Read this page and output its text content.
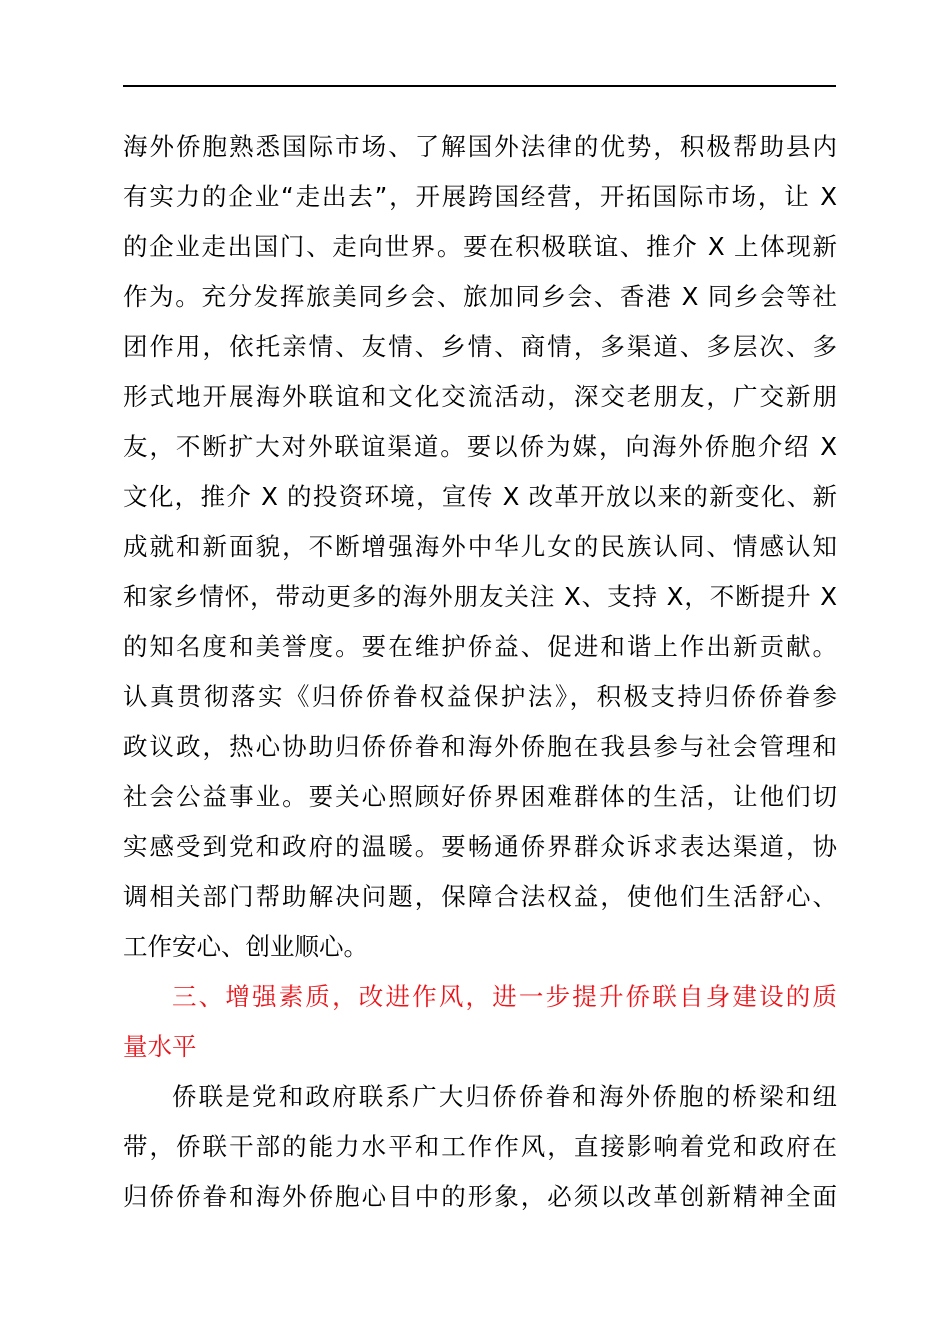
海外侨胞熟悉国际市场、了解国外法律的优势，积极帮助县内
有实力的企业“走出去”，开展跨国经营，开拓国际市场，让 X
的企业走出国门、走向世界。要在积极联谊、推介 X 上体现新
作为。充分发挥旅美同乡会、旅加同乡会、香港 X 同乡会等社
团作用，依托亲情、友情、乡情、商情，多渠道、多层次、多
形式地开展海外联谊和文化交流活动，深交老朋友，广交新朋
友，不断扩大对外联谊渠道。要以侨为媒，向海外侨胞介绍 X
文化，推介 X 的投资环境，宣传 X 改革开放以来的新变化、新
成就和新面貌，不断增强海外中华儿女的民族认同、情感认知
和家乡情怀，带动更多的海外朋友关注 X、支持 X，不断提升 X
的知名度和美誉度。要在维护侨益、促进和谐上作出新贡献。
认真贯彻落实《归侨侨眷权益保护法》，积极支持归侨侨眷参
政议政，热心协助归侨侨眷和海外侨胞在我县参与社会管理和
社会公益事业。要关心照顾好侨界困难群体的生活，让他们切
实感受到党和政府的温暖。要畅通侨界群众诉求表达渠道，协
调相关部门帮助解决问题，保障合法权益，使他们生活舒心、
工作安心、创业顺心。
三、增强素质，改进作风，进一步提升侨联自身建设的质
量水平
侨联是党和政府联系广大归侨侨眷和海外侨胞的桥梁和纽
带，侨联干部的能力水平和工作作风，直接影响着党和政府在
归侨侨眷和海外侨胞心目中的形象，必须以改革创新精神全面
